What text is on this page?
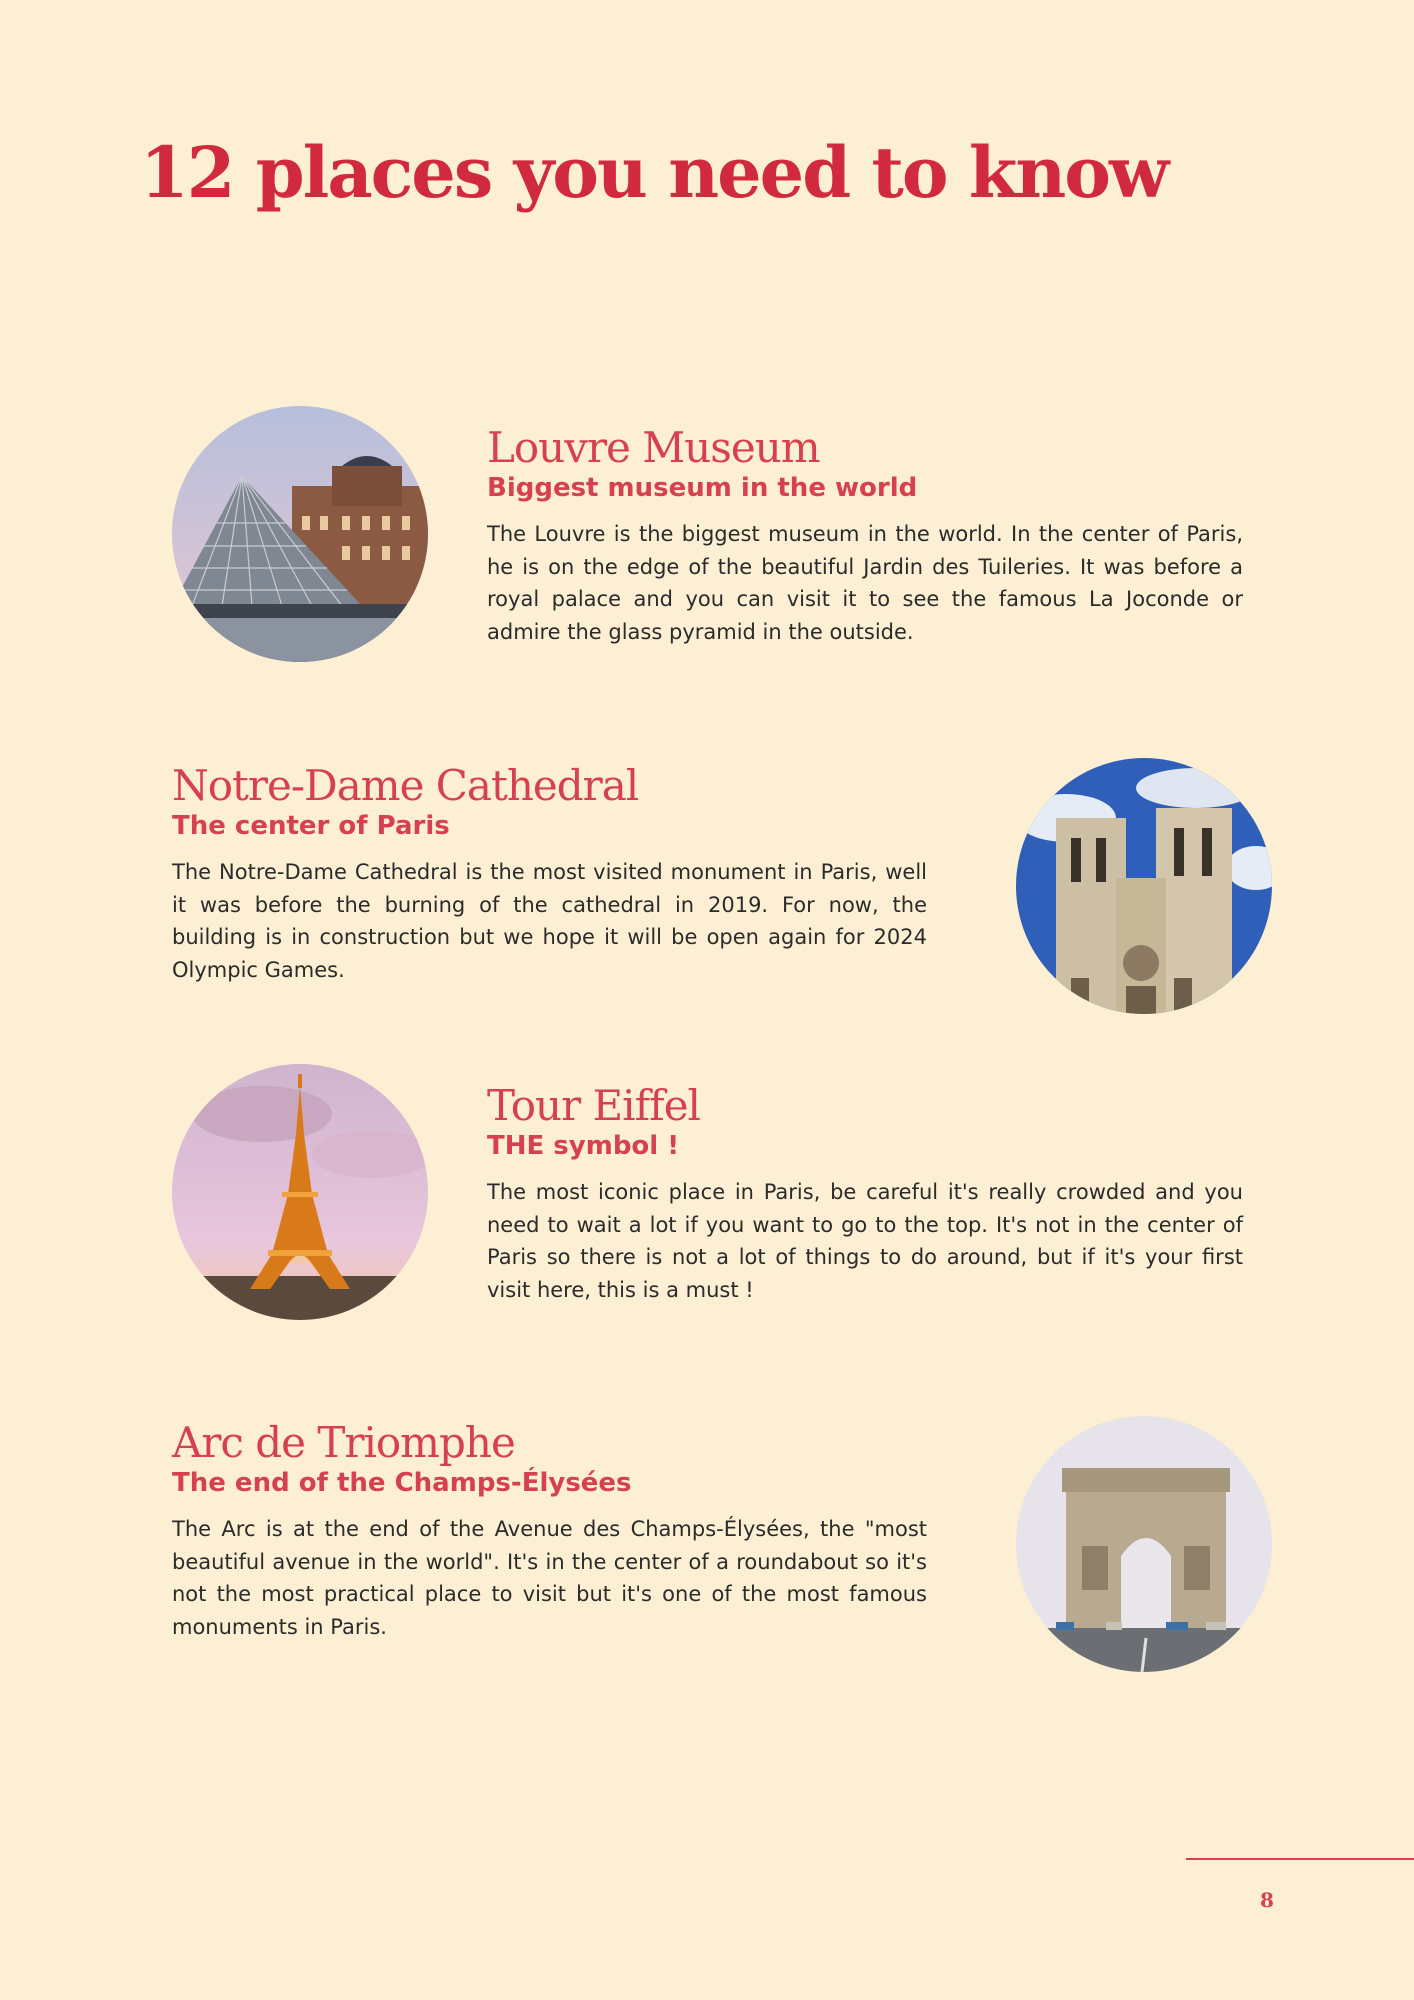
12 places you need to know
Louvre Museum
Biggest museum in the world

The Louvre is the biggest museum in the world. In the center of Paris, he is on the edge of the beautiful Jardin des Tuileries. It was before a royal palace and you can visit it to see the famous La Joconde or admire the glass pyramid in the outside.

Notre-Dame Cathedral
The center of Paris

The Notre-Dame Cathedral is the most visited monument in Paris, well it was before the burning of the cathedral in 2019. For now, the building is in construction but we hope it will be open again for 2024 Olympic Games.

Tour Eiffel
THE symbol !

The most iconic place in Paris, be careful it's really crowded and you need to wait a lot if you want to go to the top. It's not in the center of Paris so there is not a lot of things to do around, but if it's your first visit here, this is a must !

Arc de Triomphe
The end of the Champs-Élysées

The Arc is at the end of the Avenue des Champs-Élysées, the "most beautiful avenue in the world". It's in the center of a roundabout so it's not the most practical place to visit but it's one of the most famous monuments in Paris.

8
